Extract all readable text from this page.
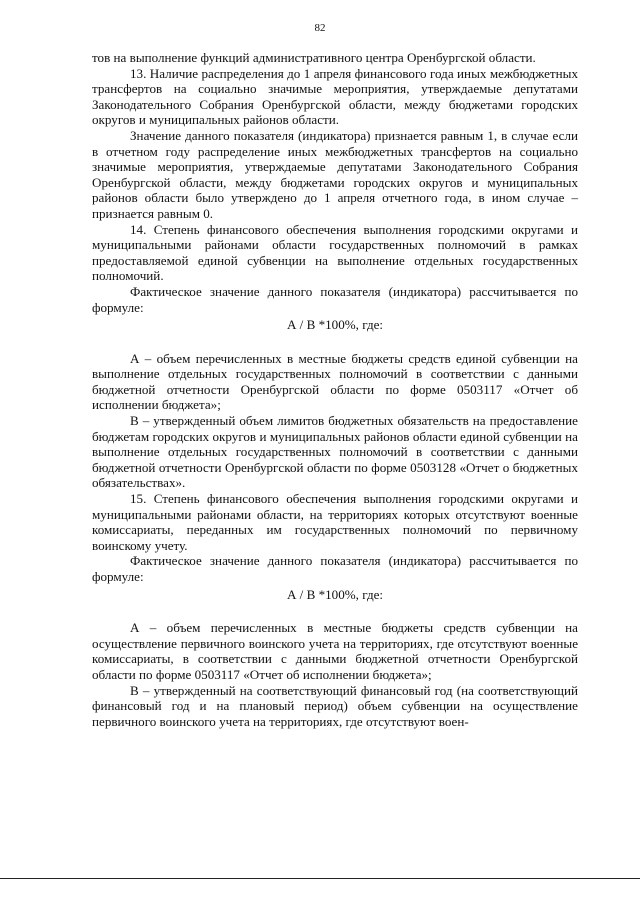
82

тов на выполнение функций административного центра Оренбургской области.

13. Наличие распределения до 1 апреля финансового года иных межбюджетных трансфертов на социально значимые мероприятия, утверждаемые депутатами Законодательного Собрания Оренбургской области, между бюджетами городских округов и муниципальных районов области.

Значение данного показателя (индикатора) признается равным 1, в случае если в отчетном году распределение иных межбюджетных трансфертов на социально значимые мероприятия, утверждаемые депутатами Законодательного Собрания Оренбургской области, между бюджетами городских округов и муниципальных районов области было утверждено до 1 апреля отчетного года, в ином случае – признается равным 0.

14. Степень финансового обеспечения выполнения городскими округами и муниципальными районами области государственных полномочий в рамках предоставляемой единой субвенции на выполнение отдельных государственных полномочий.

Фактическое значение данного показателя (индикатора) рассчитывается по формуле:

А / В *100%, где:

А – объем перечисленных в местные бюджеты средств единой субвенции на выполнение отдельных государственных полномочий в соответствии с данными бюджетной отчетности Оренбургской области по форме 0503117 «Отчет об исполнении бюджета»;

В – утвержденный объем лимитов бюджетных обязательств на предоставление бюджетам городских округов и муниципальных районов области единой субвенции на выполнение отдельных государственных полномочий в соответствии с данными бюджетной отчетности Оренбургской области по форме 0503128 «Отчет о бюджетных обязательствах».

15. Степень финансового обеспечения выполнения городскими округами и муниципальными районами области, на территориях которых отсутствуют военные комиссариаты, переданных им государственных полномочий по первичному воинскому учету.

Фактическое значение данного показателя (индикатора) рассчитывается по формуле:

А / В *100%, где:

А – объем перечисленных в местные бюджеты средств субвенции на осуществление первичного воинского учета на территориях, где отсутствуют военные комиссариаты, в соответствии с данными бюджетной отчетности Оренбургской области по форме 0503117 «Отчет об исполнении бюджета»;

В – утвержденный на соответствующий финансовый год (на соответствующий финансовый год и на плановый период) объем субвенции на осуществление первичного воинского учета на территориях, где отсутствуют воен-
